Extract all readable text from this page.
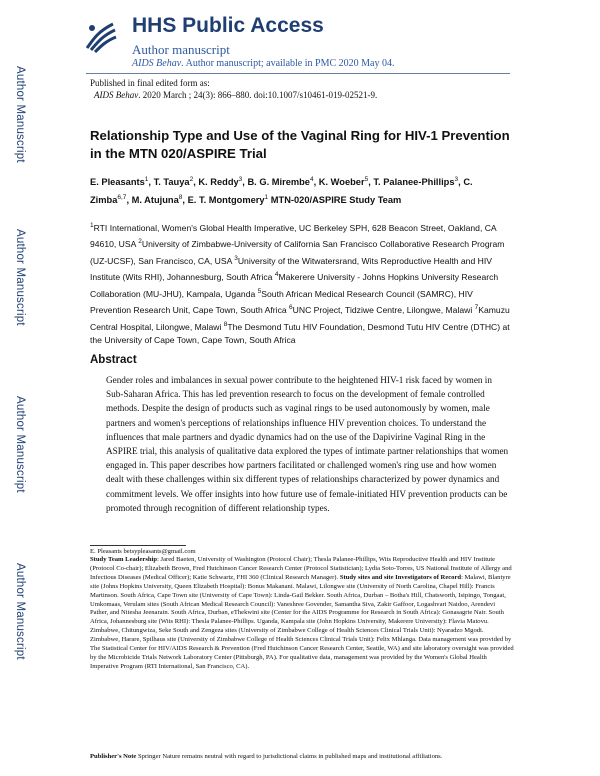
Author Manuscript
Author Manuscript
Author Manuscript
Author Manuscript
HHS Public Access
Author manuscript
AIDS Behav. Author manuscript; available in PMC 2020 May 04.
Published in final edited form as:
AIDS Behav. 2020 March ; 24(3): 866–880. doi:10.1007/s10461-019-02521-9.
Relationship Type and Use of the Vaginal Ring for HIV-1 Prevention in the MTN 020/ASPIRE Trial
E. Pleasants$^1$, T. Tauya$^2$, K. Reddy$^3$, B. G. Mirembe$^4$, K. Woeber$^5$, T. Palanee-Phillips$^3$, C. Zimba$^{6,7}$, M. Atujuna$^8$, E. T. Montgomery$^1$ MTN-020/ASPIRE Study Team
$^1$RTI International, Women's Global Health Imperative, UC Berkeley SPH, 628 Beacon Street, Oakland, CA 94610, USA $^2$University of Zimbabwe-University of California San Francisco Collaborative Research Program (UZ-UCSF), San Francisco, CA, USA $^3$University of the Witwatersrand, Wits Reproductive Health and HIV Institute (Wits RHI), Johannesburg, South Africa $^4$Makerere University - Johns Hopkins University Research Collaboration (MU-JHU), Kampala, Uganda $^5$South African Medical Research Council (SAMRC), HIV Prevention Research Unit, Cape Town, South Africa $^6$UNC Project, Tidziwe Centre, Lilongwe, Malawi $^7$Kamuzu Central Hospital, Lilongwe, Malawi $^8$The Desmond Tutu HIV Foundation, Desmond Tutu HIV Centre (DTHC) at the University of Cape Town, Cape Town, South Africa
Abstract
Gender roles and imbalances in sexual power contribute to the heightened HIV-1 risk faced by women in Sub-Saharan Africa. This has led prevention research to focus on the development of female controlled methods. Despite the design of products such as vaginal rings to be used autonomously by women, male partners and women's perceptions of relationships influence HIV prevention choices. To understand the influences that male partners and dyadic dynamics had on the use of the Dapivirine Vaginal Ring in the ASPIRE trial, this analysis of qualitative data explored the types of intimate partner relationships that women engaged in. This paper describes how partners facilitated or challenged women's ring use and how women dealt with these challenges within six different types of relationships characterized by power dynamics and commitment levels. We offer insights into how future use of female-initiated HIV prevention products can be promoted through recognition of different relationship types.
E. Pleasants betsypleasants@gmail.com
Study Team Leadership: Jared Baeten, University of Washington (Protocol Chair); Thesla Palanee-Phillips, Wits Reproductive Health and HIV Institute (Protocol Co-chair); Elizabeth Brown, Fred Hutchinson Cancer Research Center (Protocol Statistician); Lydia Soto-Torres, US National Institute of Allergy and Infectious Diseases (Medical Officer); Katie Schwartz, FHI 360 (Clinical Research Manager). Study sites and site Investigators of Record: Malawi, Blantyre site (Johns Hopkins University, Queen Elizabeth Hospital): Bonus Makanani. Malawi, Lilongwe site (University of North Carolina, Chapel Hill): Francis Martinson. South Africa, Cape Town site (University of Cape Town): Linda-Gail Bekker. South Africa, Durban – Botha's Hill, Chatsworth, Isipingo, Tongaat, Umkomaas, Verulam sites (South African Medical Research Council): Vaneshree Govender, Samantha Siva, Zakir Gaffoor, Logashvari Naidoo, Arendevi Pather, and Nitesha Jeenarain. South Africa, Durban, eThekwini site (Center for the AIDS Programme for Research in South Africa): Gonasagrie Nair. South Africa, Johannesburg site (Wits RHI): Thesla Palanee-Phillips. Uganda, Kampala site (John Hopkins University, Makerere University): Flavia Matovu. Zimbabwe, Chitungwiza, Seke South and Zengeza sites (University of Zimbabwe College of Health Sciences Clinical Trials Unit): Nyaradzo Mgodi. Zimbabwe, Harare, Spilhaus site (University of Zimbabwe College of Health Sciences Clinical Trials Unit): Felix Mhlanga. Data management was provided by The Statistical Center for HIV/AIDS Research & Prevention (Fred Hutchinson Cancer Research Center, Seattle, WA) and site laboratory oversight was provided by the Microbicide Trials Network Laboratory Center (Pittsburgh, PA). For qualitative data, management was provided by the Women's Global Health Imperative Program (RTI International, San Francisco, CA).
Publisher's Note Springer Nature remains neutral with regard to jurisdictional claims in published maps and institutional affiliations.
